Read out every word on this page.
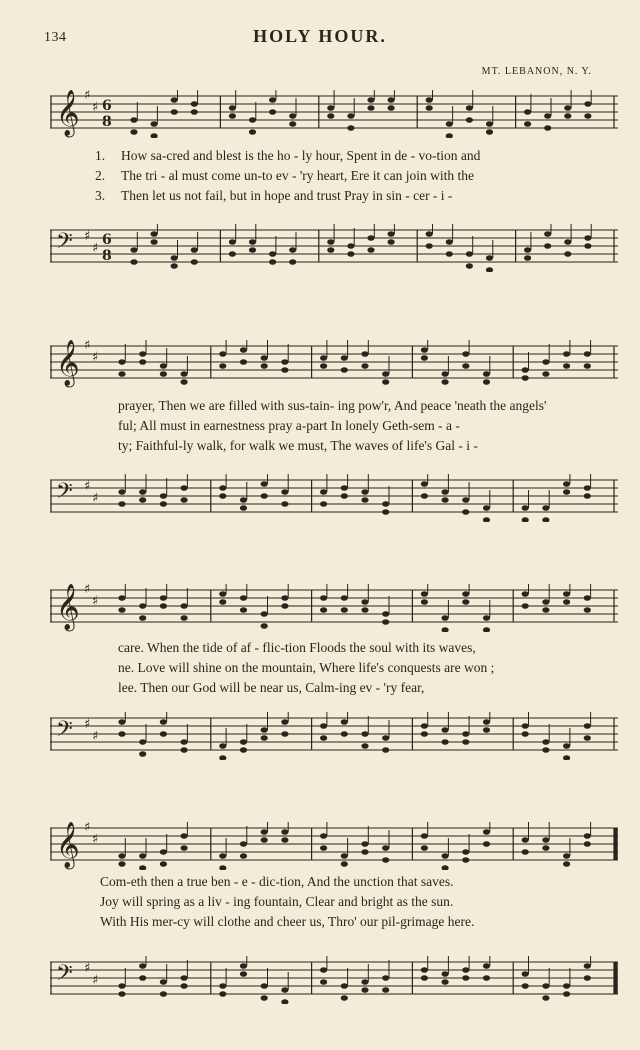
134	HOLY HOUR.
MT. LEBANON, N. Y.
𝄞 ♯
♯ 6
8
1. How sa-cred and blest is the ho - ly hour, Spent in de - vo-tion and
2. The tri - al must come un-to ev - 'ry heart, Ere it can join with the
3. Then let us not fail, but in hope and trust Pray in sin - cer - i -
𝄢 ♯
♯
6
8
𝄞 ♯
♯
prayer, Then we are filled with sus-tain- ing pow'r, And peace 'neath the angels'
ful; All must in earnestness pray a-part In lonely Geth-sem - a -
ty; Faithful-ly walk, for walk we must, The waves of life's Gal - i -
𝄢 ♯
♯
𝄞 ♯
♯
care. When the tide of af - flic-tion Floods the soul with its waves,
ne. Love will shine on the mountain, Where life's conquests are won ;
lee. Then our God will be near us, Calm-ing ev - 'ry fear,
𝄢 ♯
♯
𝄞 ♯
♯
Com-eth then a true ben - e - dic-tion, And the unction that saves.
Joy will spring as a liv - ing fountain, Clear and bright as the sun.
With His mer-cy will clothe and cheer us, Thro' our pil-grimage here.
𝄢 ♯
♯
